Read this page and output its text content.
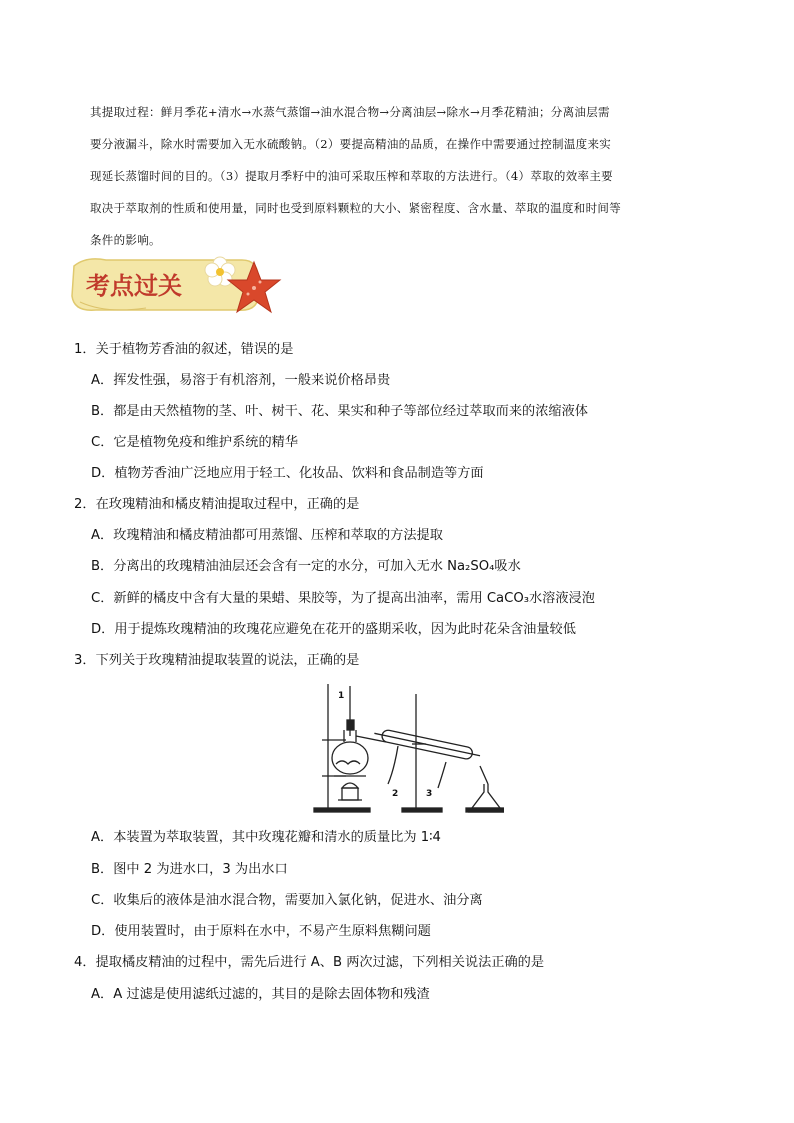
其提取过程：鲜月季花+清水→水蒸气蒸馏→油水混合物→分离油层→除水→月季花精油；分离油层需

要分液漏斗，除水时需要加入无水硫酸钠。（2）要提高精油的品质，在操作中需要通过控制温度来实

现延长蒸馏时间的目的。（3）提取月季籽中的油可采取压榨和萃取的方法进行。（4）萃取的效率主要

取决于萃取剂的性质和使用量，同时也受到原料颗粒的大小、紧密程度、含水量、萃取的温度和时间等

条件的影响。

考点过关
1．关于植物芳香油的叙述，错误的是
A．挥发性强，易溶于有机溶剂，一般来说价格昂贵
B．都是由天然植物的茎、叶、树干、花、果实和种子等部位经过萃取而来的浓缩液体
C．它是植物免疫和维护系统的精华
D．植物芳香油广泛地应用于轻工、化妆品、饮料和食品制造等方面
2．在玫瑰精油和橘皮精油提取过程中，正确的是
A．玫瑰精油和橘皮精油都可用蒸馏、压榨和萃取的方法提取
B．分离出的玫瑰精油油层还会含有一定的水分，可加入无水 Na₂SO₄吸水
C．新鲜的橘皮中含有大量的果蜡、果胶等，为了提高出油率，需用 CaCO₃水溶液浸泡
D．用于提炼玫瑰精油的玫瑰花应避免在花开的盛期采收，因为此时花朵含油量较低
3．下列关于玫瑰精油提取装置的说法，正确的是
1
2	3
A．本装置为萃取装置，其中玫瑰花瓣和清水的质量比为 1∶4
B．图中 2 为进水口，3 为出水口
C．收集后的液体是油水混合物，需要加入氯化钠，促进水、油分离
D．使用装置时，由于原料在水中，不易产生原料焦糊问题
4．提取橘皮精油的过程中，需先后进行 A、B 两次过滤，下列相关说法正确的是
A．A 过滤是使用滤纸过滤的，其目的是除去固体物和残渣
